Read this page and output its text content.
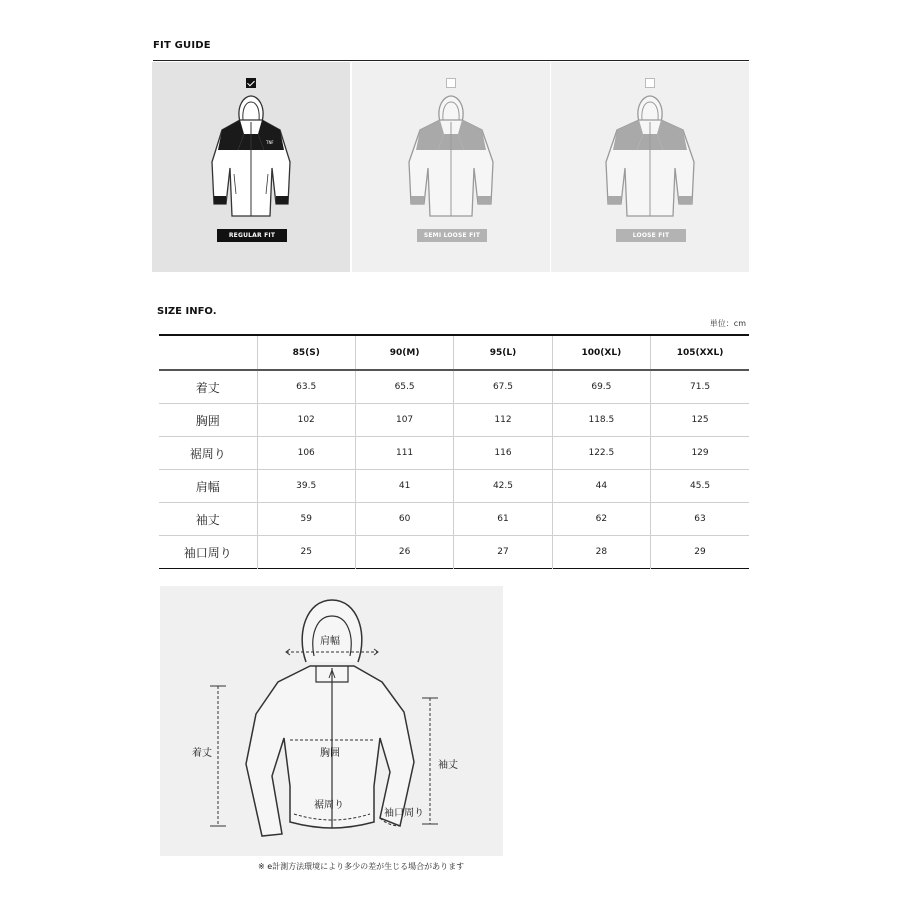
FIT GUIDE
TNF
REGULAR FIT	SEMI LOOSE FIT	LOOSE FIT
SIZE INFO.
単位：cm
	85(S)	90(M)	95(L)	100(XL)	105(XXL)
着丈	63.5	65.5	67.5	69.5	71.5
胸囲	102	107	112	118.5	125
裾周り	106	111	116	122.5	129
肩幅	39.5	41	42.5	44	45.5
袖丈	59	60	61	62	63
袖口周り	25	26	27	28	29
肩幅
着丈	胸囲
袖丈
裾周り
袖口周り
※ e計測方法環境により多少の差が生じる場合があります
